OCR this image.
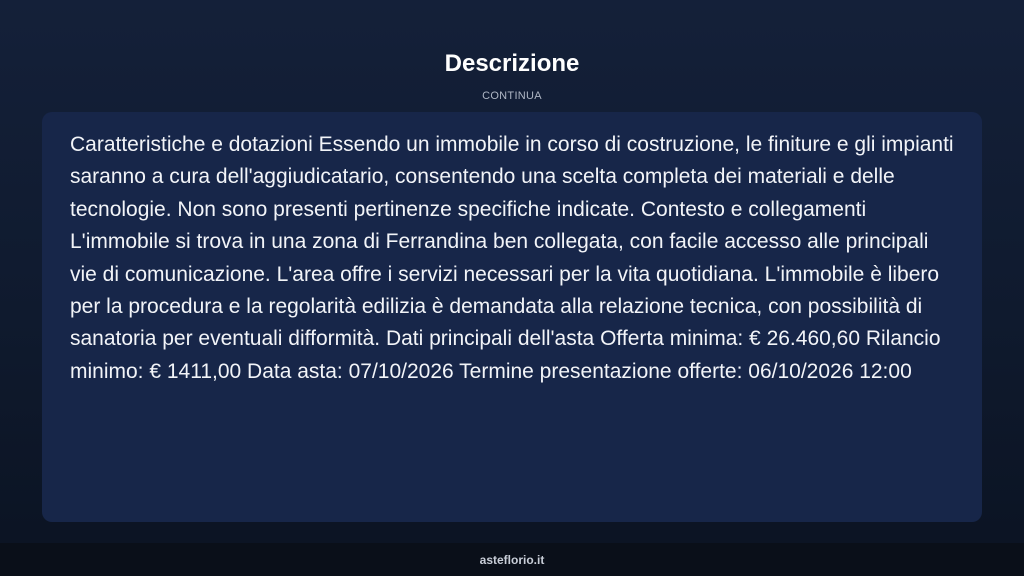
Descrizione
CONTINUA

Caratteristiche e dotazioni Essendo un immobile in corso di costruzione, le finiture e gli impianti saranno a cura dell'aggiudicatario, consentendo una scelta completa dei materiali e delle tecnologie. Non sono presenti pertinenze specifiche indicate. Contesto e collegamenti L'immobile si trova in una zona di Ferrandina ben collegata, con facile accesso alle principali vie di comunicazione. L'area offre i servizi necessari per la vita quotidiana. L'immobile è libero per la procedura e la regolarità edilizia è demandata alla relazione tecnica, con possibilità di sanatoria per eventuali difformità. Dati principali dell'asta Offerta minima: € 26.460,60 Rilancio minimo: € 1411,00 Data asta: 07/10/2026 Termine presentazione offerte: 06/10/2026 12:00

asteflorio.it
